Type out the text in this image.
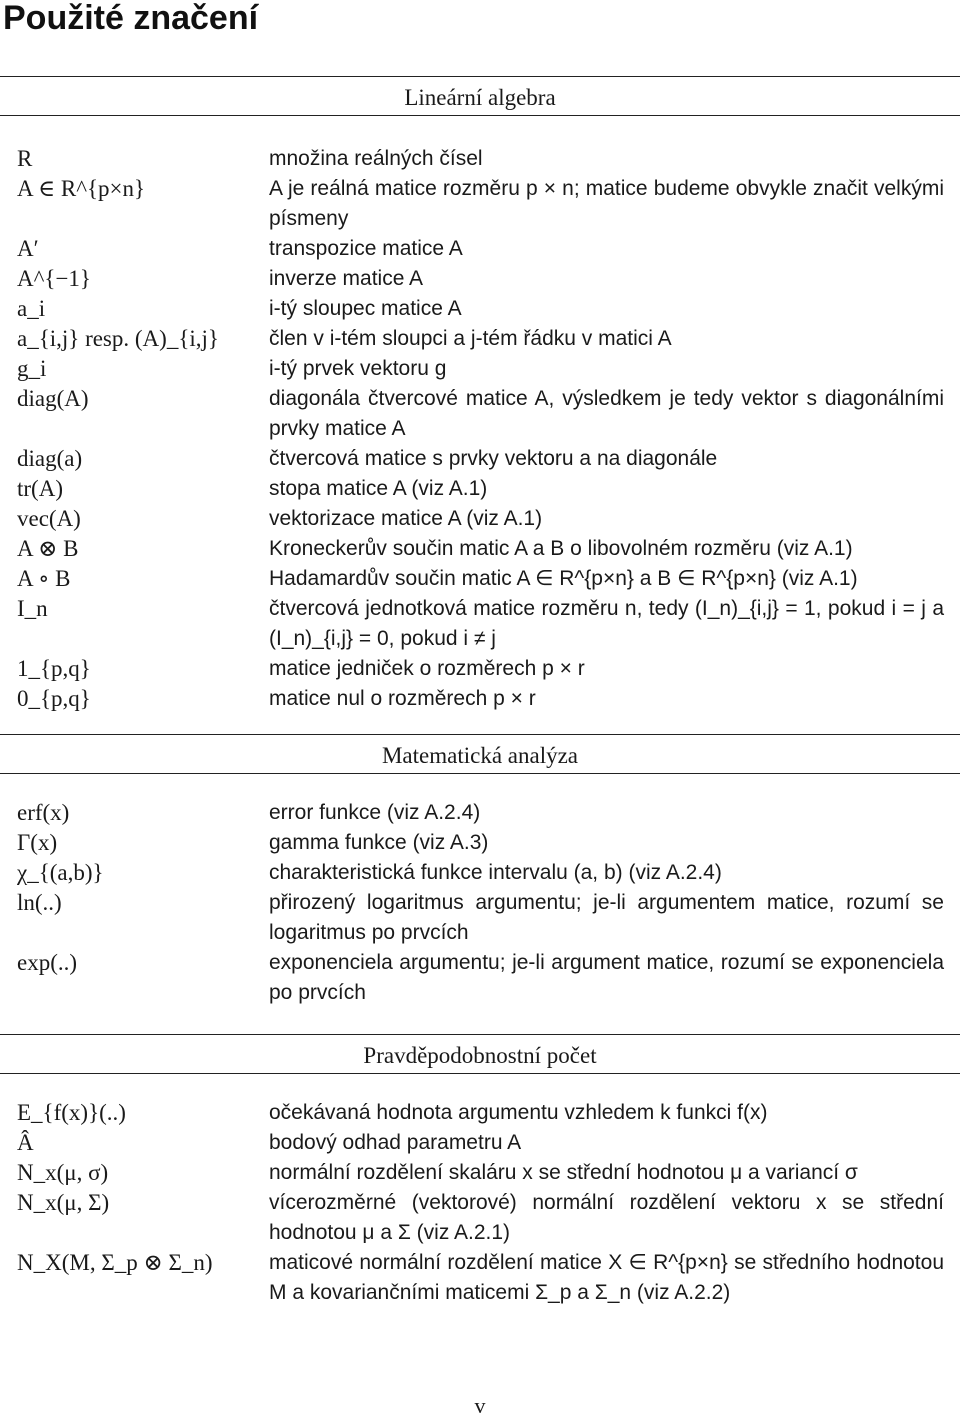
Použité značení
Lineární algebra
R	množina reálných čísel
A ∈ R^{p×n}	A je reálná matice rozměru p × n; matice budeme obvykle značit velkými písmeny
A′	transpozice matice A
A^{−1}	inverze matice A
a_i	i-tý sloupec matice A
a_{i,j} resp. (A)_{i,j}	člen v i-tém sloupci a j-tém řádku v matici A
g_i	i-tý prvek vektoru g
diag(A)	diagonála čtvercové matice A, výsledkem je tedy vektor s diagonálními prvky matice A
diag(a)	čtvercová matice s prvky vektoru a na diagonále
tr(A)	stopa matice A (viz A.1)
vec(A)	vektorizace matice A (viz A.1)
A ⊗ B	Kroneckerův součin matic A a B o libovolném rozměru (viz A.1)
A ∘ B	Hadamardův součin matic A ∈ R^{p×n} a B ∈ R^{p×n} (viz A.1)
I_n	čtvercová jednotková matice rozměru n, tedy (I_n)_{i,j} = 1, pokud i = j a (I_n)_{i,j} = 0, pokud i ≠ j
1_{p,q}	matice jedniček o rozměrech p × r
0_{p,q}	matice nul o rozměrech p × r
Matematická analýza
erf(x)	error funkce (viz A.2.4)
Γ(x)	gamma funkce (viz A.3)
χ_{(a,b)}	charakteristická funkce intervalu (a, b) (viz A.2.4)
ln(..)	přirozený logaritmus argumentu; je-li argumentem matice, rozumí se logaritmus po prvcích
exp(..)	exponenciela argumentu; je-li argument matice, rozumí se exponenciela po prvcích
Pravděpodobnostní počet
E_{f(x)}(..)	očekávaná hodnota argumentu vzhledem k funkci f(x)
Â	bodový odhad parametru A
N_x(μ, σ)	normální rozdělení skaláru x se střední hodnotou μ a variancí σ
N_x(μ, Σ)	vícerozměrné (vektorové) normální rozdělení vektoru x se střední hodnotou μ a Σ (viz A.2.1)
N_X(M, Σ_p ⊗ Σ_n)	maticové normální rozdělení matice X ∈ R^{p×n} se středního hodnotou M a kovariančními maticemi Σ_p a Σ_n (viz A.2.2)
v
